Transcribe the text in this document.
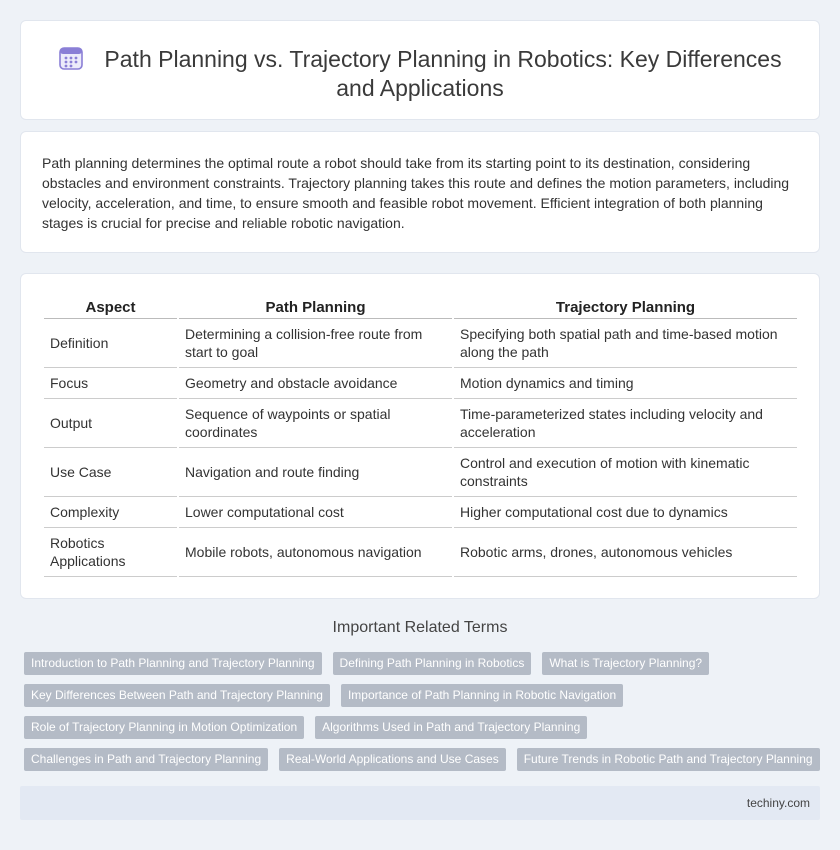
Path Planning vs. Trajectory Planning in Robotics: Key Differences and Applications

Path planning determines the optimal route a robot should take from its starting point to its destination, considering obstacles and environment constraints. Trajectory planning takes this route and defines the motion parameters, including velocity, acceleration, and time, to ensure smooth and feasible robot movement. Efficient integration of both planning stages is crucial for precise and reliable robotic navigation.

Aspect	Path Planning	Trajectory Planning
Definition	Determining a collision-free route from start to goal	Specifying both spatial path and time-based motion along the path
Focus	Geometry and obstacle avoidance	Motion dynamics and timing
Output	Sequence of waypoints or spatial coordinates	Time-parameterized states including velocity and acceleration
Use Case	Navigation and route finding	Control and execution of motion with kinematic constraints
Complexity	Lower computational cost	Higher computational cost due to dynamics
Robotics Applications	Mobile robots, autonomous navigation	Robotic arms, drones, autonomous vehicles
Important Related Terms
Introduction to Path Planning and Trajectory Planning Defining Path Planning in Robotics What is Trajectory Planning?
Key Differences Between Path and Trajectory Planning Importance of Path Planning in Robotic Navigation
Role of Trajectory Planning in Motion Optimization Algorithms Used in Path and Trajectory Planning
Challenges in Path and Trajectory Planning Real-World Applications and Use Cases Future Trends in Robotic Path and Trajectory Planning
techiny.com
